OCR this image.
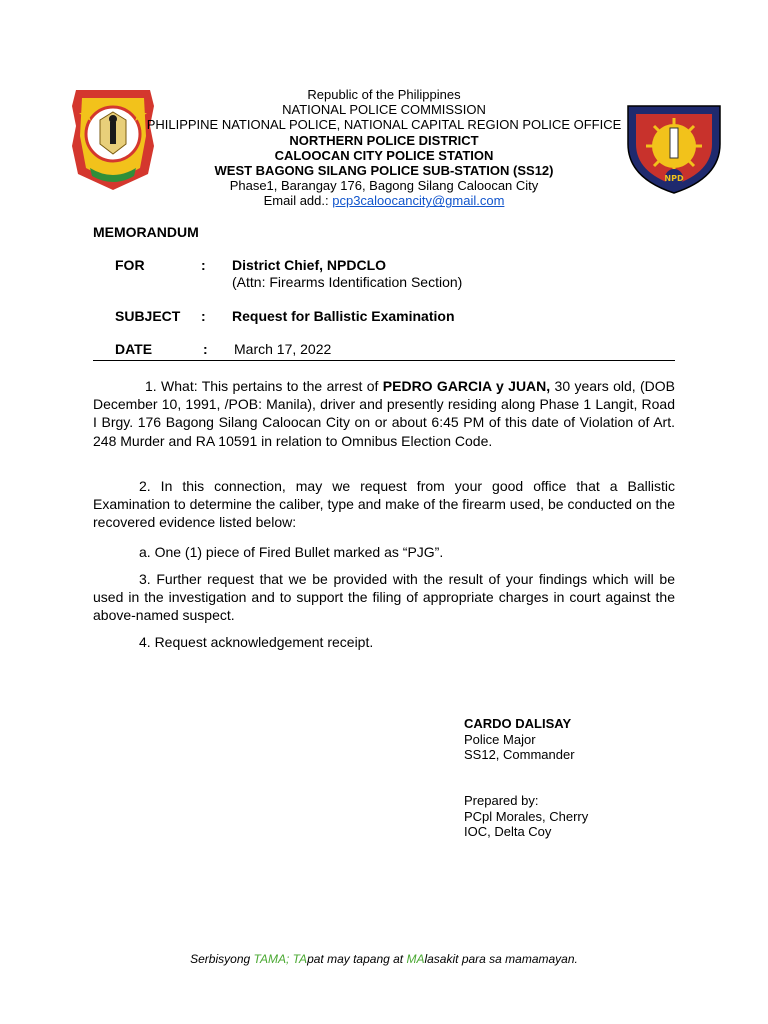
NPD
Republic of the Philippines
NATIONAL POLICE COMMISSION
PHILIPPINE NATIONAL POLICE, NATIONAL CAPITAL REGION POLICE OFFICE
NORTHERN POLICE DISTRICT
CALOOCAN CITY POLICE STATION
WEST BAGONG SILANG POLICE SUB-STATION (SS12)
Phase1, Barangay 176, Bagong Silang Caloocan City
Email add.: pcp3caloocancity@gmail.com
MEMORANDUM
FOR	: District Chief, NPDCLO
(Attn: Firearms Identification Section)
SUBJECT : Request for Ballistic Examination
DATE	: March 17, 2022

1. What: This pertains to the arrest of PEDRO GARCIA y JUAN, 30 years old, (DOB December 10, 1991, /POB: Manila), driver and presently residing along Phase 1 Langit, Road I Brgy. 176 Bagong Silang Caloocan City on or about 6:45 PM of this date of Violation of Art. 248 Murder and RA 10591 in relation to Omnibus Election Code.

2. In this connection, may we request from your good office that a Ballistic Examination to determine the caliber, type and make of the firearm used, be conducted on the recovered evidence listed below:

a. One (1) piece of Fired Bullet marked as “PJG”.

3. Further request that we be provided with the result of your findings which will be used in the investigation and to support the filing of appropriate charges in court against the above-named suspect.

4. Request acknowledgement receipt.

CARDO DALISAY
Police Major
SS12, Commander
Prepared by:
PCpl Morales, Cherry
IOC, Delta Coy
Serbisyong TAMA; TApat may tapang at MAlasakit para sa mamamayan.
